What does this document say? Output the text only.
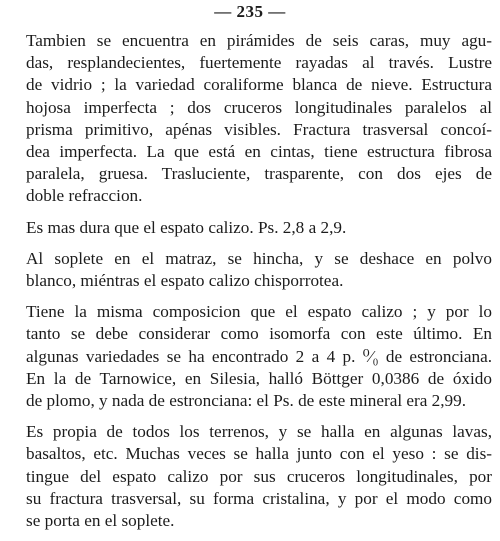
— 235 —

Tambien se encuentra en pirámides de seis caras, muy agu-
das, resplandecientes, fuertemente rayadas al través. Lustre
de vidrio ; la variedad coraliforme blanca de nieve. Estructura
hojosa imperfecta ; dos cruceros longitudinales paralelos al
prisma primitivo, apénas visibles. Fractura trasversal concoí-
dea imperfecta. La que está en cintas, tiene estructura fibrosa
paralela, gruesa. Trasluciente, trasparente, con dos ejes de
doble refraccion.

Es mas dura que el espato calizo. Ps. 2,8 a 2,9.

Al soplete en el matraz, se hincha, y se deshace en polvo
blanco, miéntras el espato calizo chisporrotea.

Tiene la misma composicion que el espato calizo ; y por lo
tanto se debe considerar como isomorfa con este último. En
algunas variedades se ha encontrado 2 a 4 p. ⁰⁄₀ de estronciana.
En la de Tarnowice, en Silesia, halló Böttger 0,0386 de óxido
de plomo, y nada de estronciana: el Ps. de este mineral era 2,99.

Es propia de todos los terrenos, y se halla en algunas lavas,
basaltos, etc. Muchas veces se halla junto con el yeso : se dis-
tingue del espato calizo por sus cruceros longitudinales, por
su fractura trasversal, su forma cristalina, y por el modo como
se porta en el soplete.
